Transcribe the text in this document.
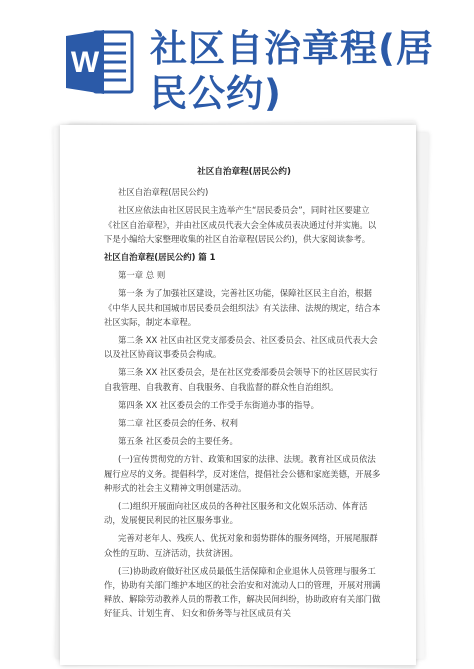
W 社区自治章程(居民公约)
社区自治章程(居民公约)
社区自治章程(居民公约)
社区应依法由社区居民民主选举产生“居民委员会”，同时社区要建立《社区自治章程》，并由社区成员代表大会全体成员表决通过付并实施。以下是小编给大家整理收集的社区自治章程(居民公约)，供大家阅读参考。
社区自治章程(居民公约) 篇 1
第一章 总 则
第一条 为了加强社区建设，完善社区功能，保障社区民主自治，根据《中华人民共和国城市居民委员会组织法》有关法律、法规的规定，结合本社区实际，制定本章程。
第二条 XX 社区由社区党支部委员会、社区委员会、社区成员代表大会以及社区协商议事委员会构成。
第三条 XX 社区委员会，是在社区党委部委员会领导下的社区居民实行自我管理、自我教育、自我服务、自我监督的群众性自治组织。
第四条 XX 社区委员会的工作受手东街道办事的指导。
第二章 社区委员会的任务、权利
第五条 社区委员会的主要任务。
(一)宣传贯彻党的方针、政策和国家的法律、法规。教育社区成员依法履行应尽的义务。提倡科学，反对迷信，提倡社会公德和家庭美德，开展多种形式的社会主义精神文明创建活动。
(二)组织开展面向社区成员的各种社区服务和文化娱乐活动、体育活动，发展便民利民的社区服务事业。
完善对老年人、残疾人、优抚对象和弱势群体的服务网络，开展尾服群众性的互助、互济活动，扶贫济困。
(三)协助政府做好社区成员最低生活保障和企业退休人员管理与服务工作，协助有关部门维护本地区的社会治安和对流动人口的管理，开展对刑满释放、解除劳动教养人员的帮教工作，解决民间纠纷，协助政府有关部门做好征兵、计划生育、 妇女和侨务等与社区成员有关
